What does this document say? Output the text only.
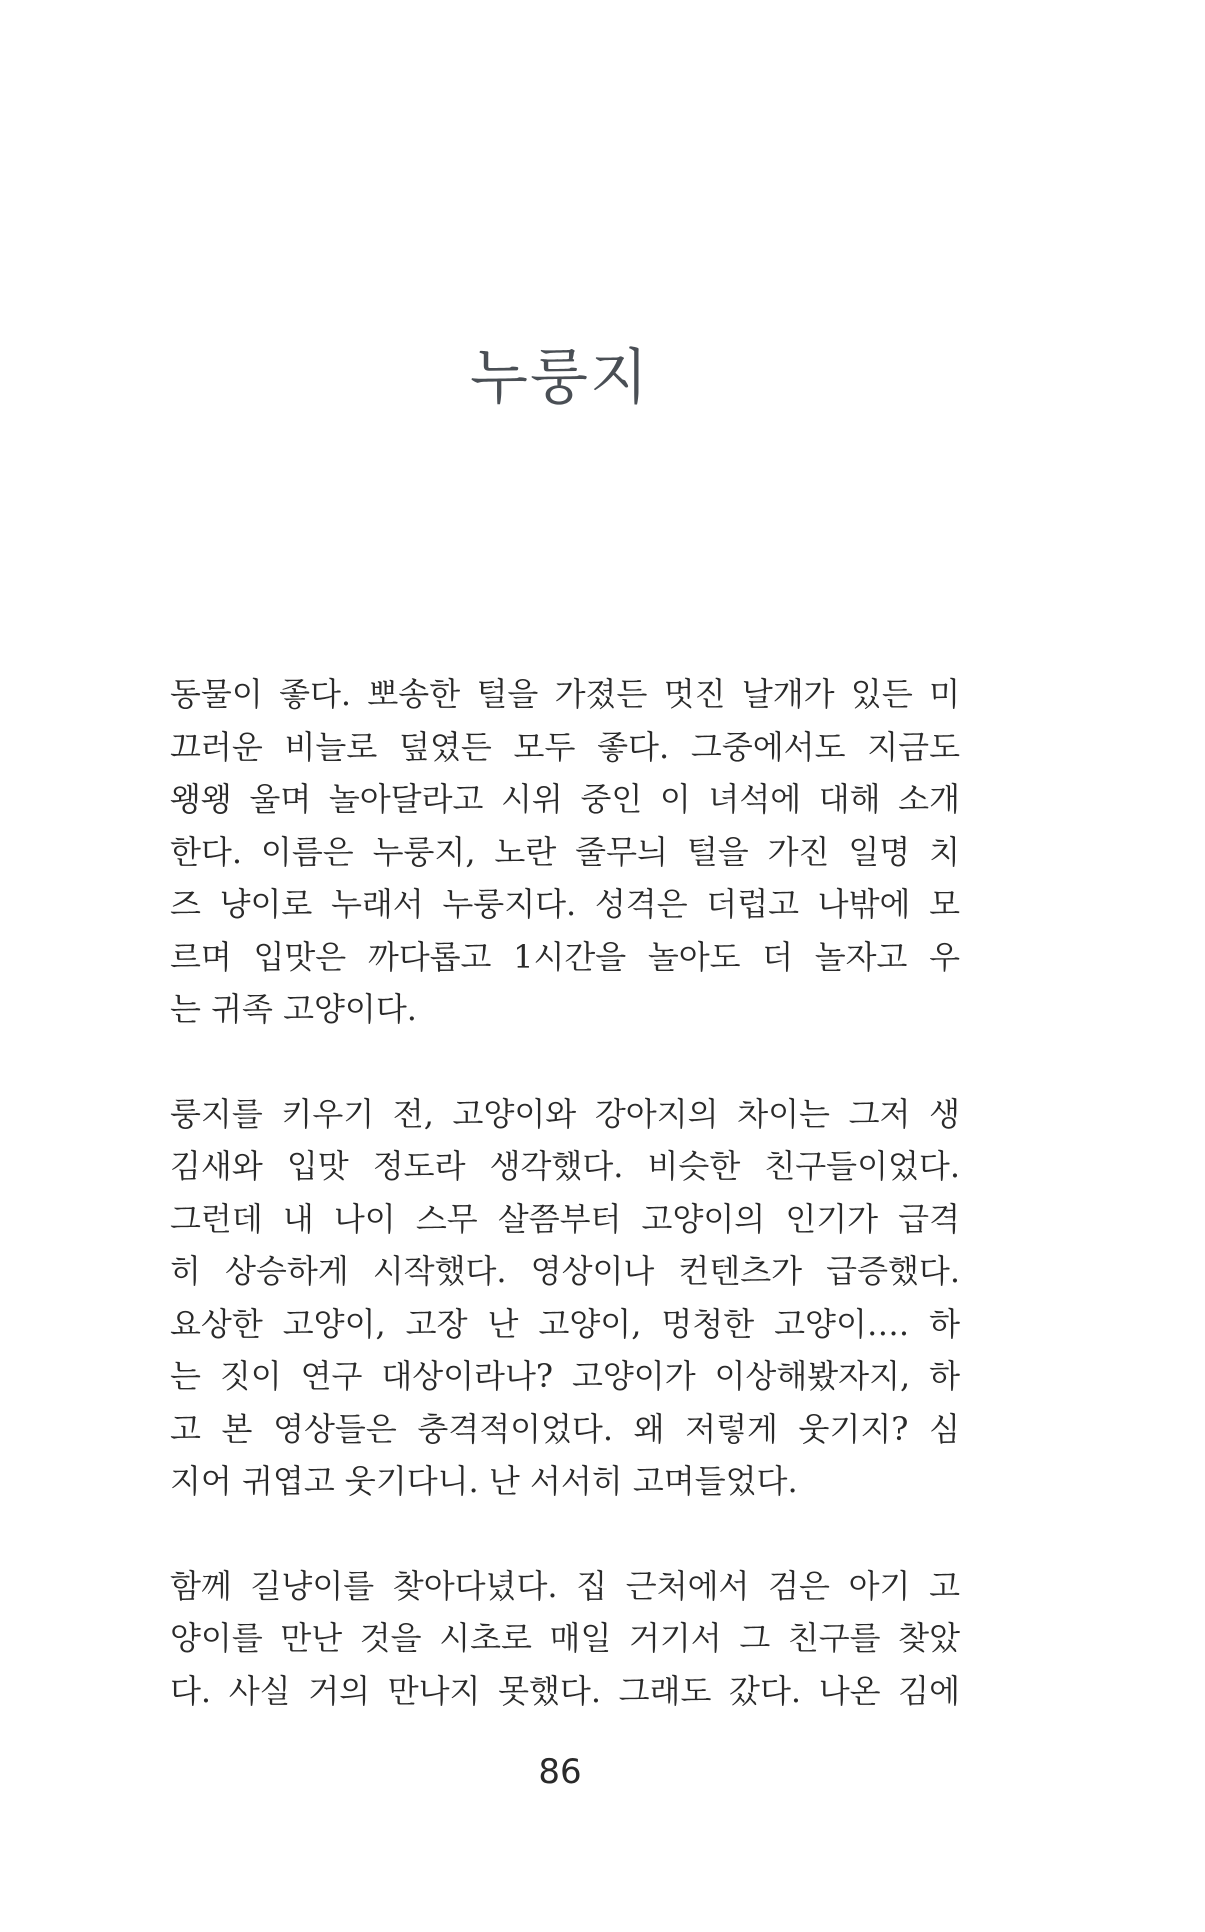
누룽지

동물이 좋다. 뽀송한 털을 가졌든 멋진 날개가 있든 미
끄러운 비늘로 덮였든 모두 좋다. 그중에서도 지금도
왱왱 울며 놀아달라고 시위 중인 이 녀석에 대해 소개
한다. 이름은 누룽지, 노란 줄무늬 털을 가진 일명 치
즈 냥이로 누래서 누룽지다. 성격은 더럽고 나밖에 모
르며 입맛은 까다롭고 1시간을 놀아도 더 놀자고 우
는 귀족 고양이다.

룽지를 키우기 전, 고양이와 강아지의 차이는 그저 생
김새와 입맛 정도라 생각했다. 비슷한 친구들이었다.
그런데 내 나이 스무 살쯤부터 고양이의 인기가 급격
히 상승하게 시작했다. 영상이나 컨텐츠가 급증했다.
요상한 고양이, 고장 난 고양이, 멍청한 고양이…. 하
는 짓이 연구 대상이라나? 고양이가 이상해봤자지, 하
고 본 영상들은 충격적이었다. 왜 저렇게 웃기지? 심
지어 귀엽고 웃기다니. 난 서서히 고며들었다.

함께 길냥이를 찾아다녔다. 집 근처에서 검은 아기 고
양이를 만난 것을 시초로 매일 거기서 그 친구를 찾았
다. 사실 거의 만나지 못했다. 그래도 갔다. 나온 김에

86
